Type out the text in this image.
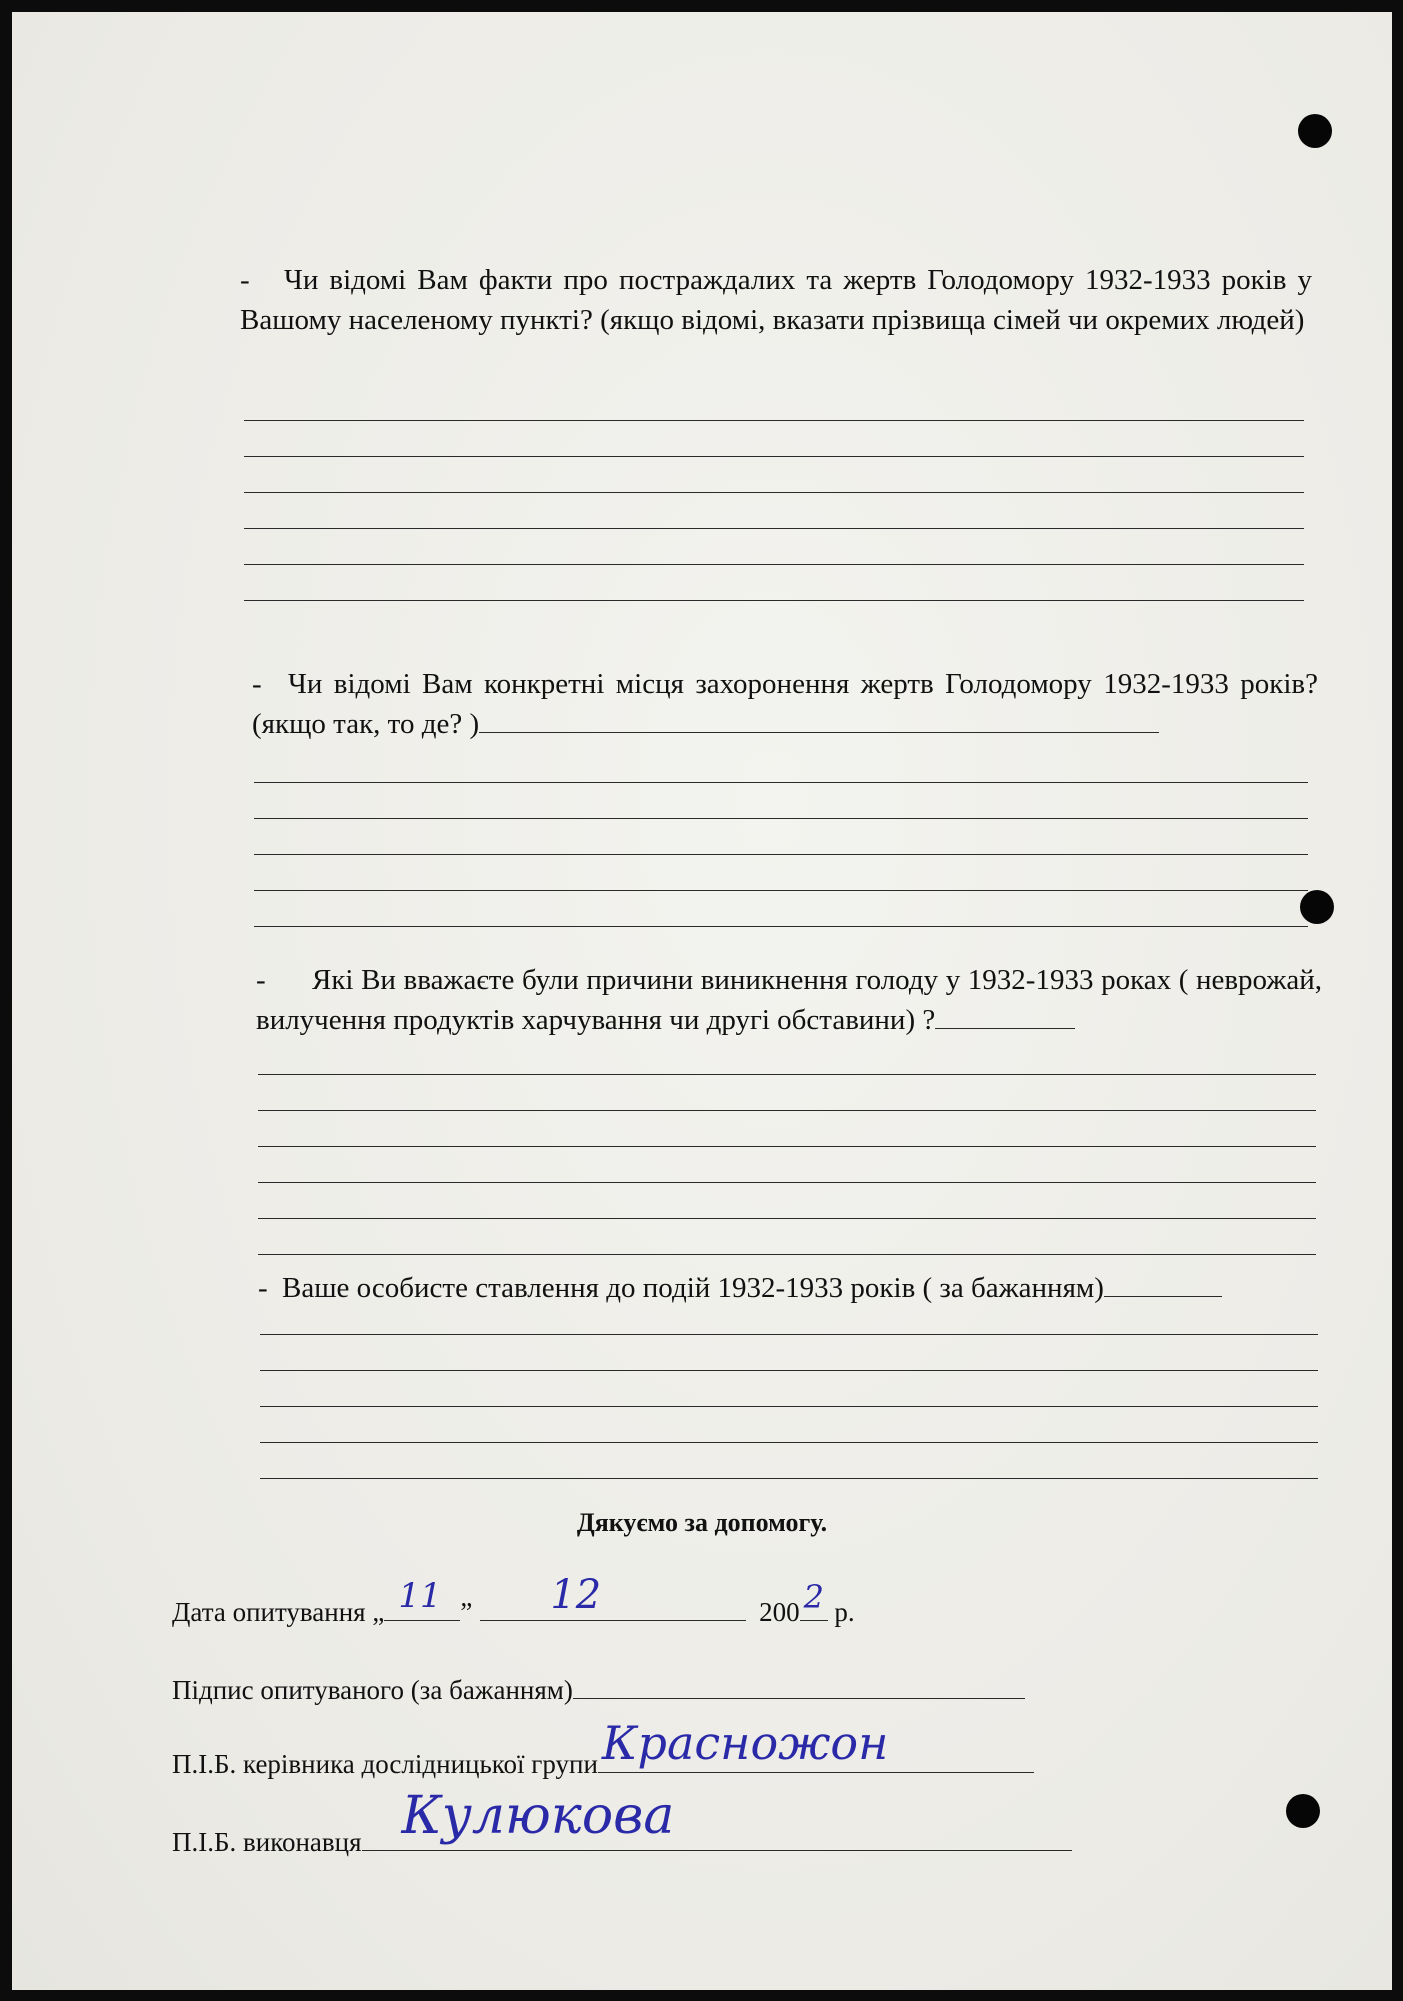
- Чи відомі Вам факти про постраждалих та жертв Голодомору 1932-1933 років у Вашому населеному пункті? (якщо відомі, вказати прізвища сімей чи окремих людей)

- Чи відомі Вам конкретні місця захоронення жертв Голодомору 1932-1933 років? (якщо так, то де? )

- Які Ви вважаєте були причини виникнення голоду у 1932-1933 роках ( неврожай, вилучення продуктів харчування чи другі обставини) ?

- Ваше особисте ставлення до подій 1932-1933 років ( за бажанням)

Дякуємо за допомогу.
Дата опитування „ 11 ” 12	200 2 р.
Підпис опитуваного (за бажанням)
П.І.Б. керівника дослідницької групи Красножон
П.І.Б. виконавця Кулюкова
